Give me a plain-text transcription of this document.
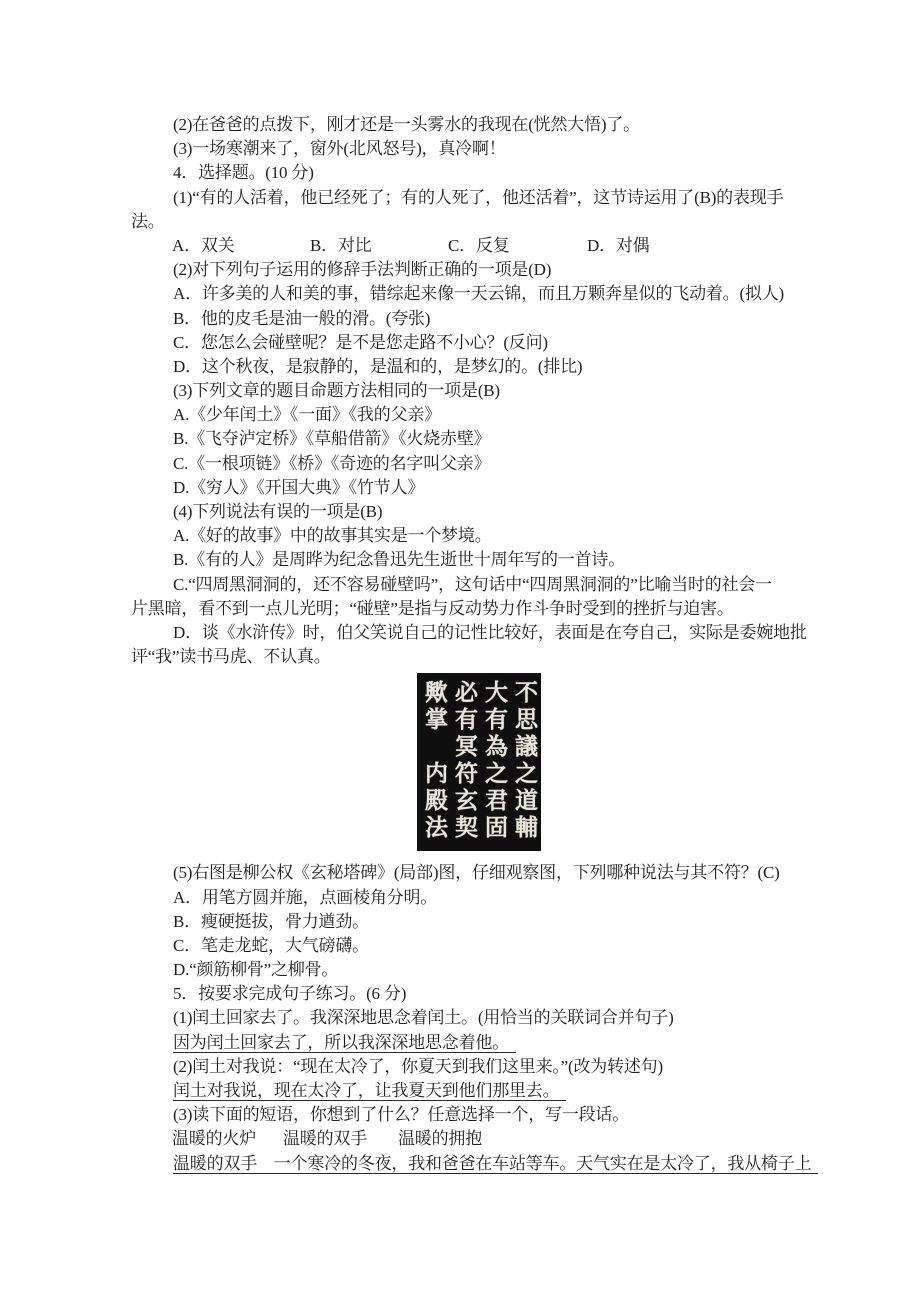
(2)在爸爸的点拨下，刚才还是一头雾水的我现在(恍然大悟)了。
(3)一场寒潮来了，窗外(北风怒号)，真冷啊！
4．选择题。(10 分)
(1)“有的人活着，他已经死了；有的人死了，他还活着”，这节诗运用了(B)的表现手
法。
A．双关	B．对比	C．反复	D．对偶
(2)对下列句子运用的修辞手法判断正确的一项是(D)
A．许多美的人和美的事，错综起来像一天云锦，而且万颗奔星似的飞动着。(拟人)
B．他的皮毛是油一般的滑。(夸张)
C．您怎么会碰壁呢？是不是您走路不小心？(反问)
D．这个秋夜，是寂静的，是温和的，是梦幻的。(排比)
(3)下列文章的题目命题方法相同的一项是(B)
A.《少年闰土》《一面》《我的父亲》
B.《飞夺泸定桥》《草船借箭》《火烧赤壁》
C.《一根项链》《桥》《奇迹的名字叫父亲》
D.《穷人》《开国大典》《竹节人》
(4)下列说法有误的一项是(B)
A.《好的故事》中的故事其实是一个梦境。
B.《有的人》是周晔为纪念鲁迅先生逝世十周年写的一首诗。
C.“四周黑洞洞的，还不容易碰壁吗”，这句话中“四周黑洞洞的”比喻当时的社会一
片黑暗，看不到一点儿光明；“碰壁”是指与反动势力作斗争时受到的挫折与迫害。
D．谈《水浒传》时，伯父笑说自己的记性比较好，表面是在夸自己，实际是委婉地批
评“我”读书马虎、不认真。
不思議之道輔
大有為之君固
必有冥符玄契
歟掌　内殿法
(5)右图是柳公权《玄秘塔碑》(局部)图，仔细观察图，下列哪种说法与其不符？(C)
A．用笔方圆并施，点画棱角分明。
B．瘦硬挺拔，骨力遒劲。
C．笔走龙蛇，大气磅礴。
D.“颜筋柳骨”之柳骨。
5．按要求完成句子练习。(6 分)
(1)闰土回家去了。我深深地思念着闰土。(用恰当的关联词合并句子)
因为闰土回家去了，所以我深深地思念着他。
(2)闰土对我说：“现在太冷了，你夏天到我们这里来。”(改为转述句)
闰土对我说，现在太冷了，让我夏天到他们那里去。
(3)读下面的短语，你想到了什么？任意选择一个，写一段话。
温暖的火炉 温暖的双手 温暖的拥抱
温暖的双手　一个寒冷的冬夜，我和爸爸在车站等车。天气实在是太冷了，我从椅子上
